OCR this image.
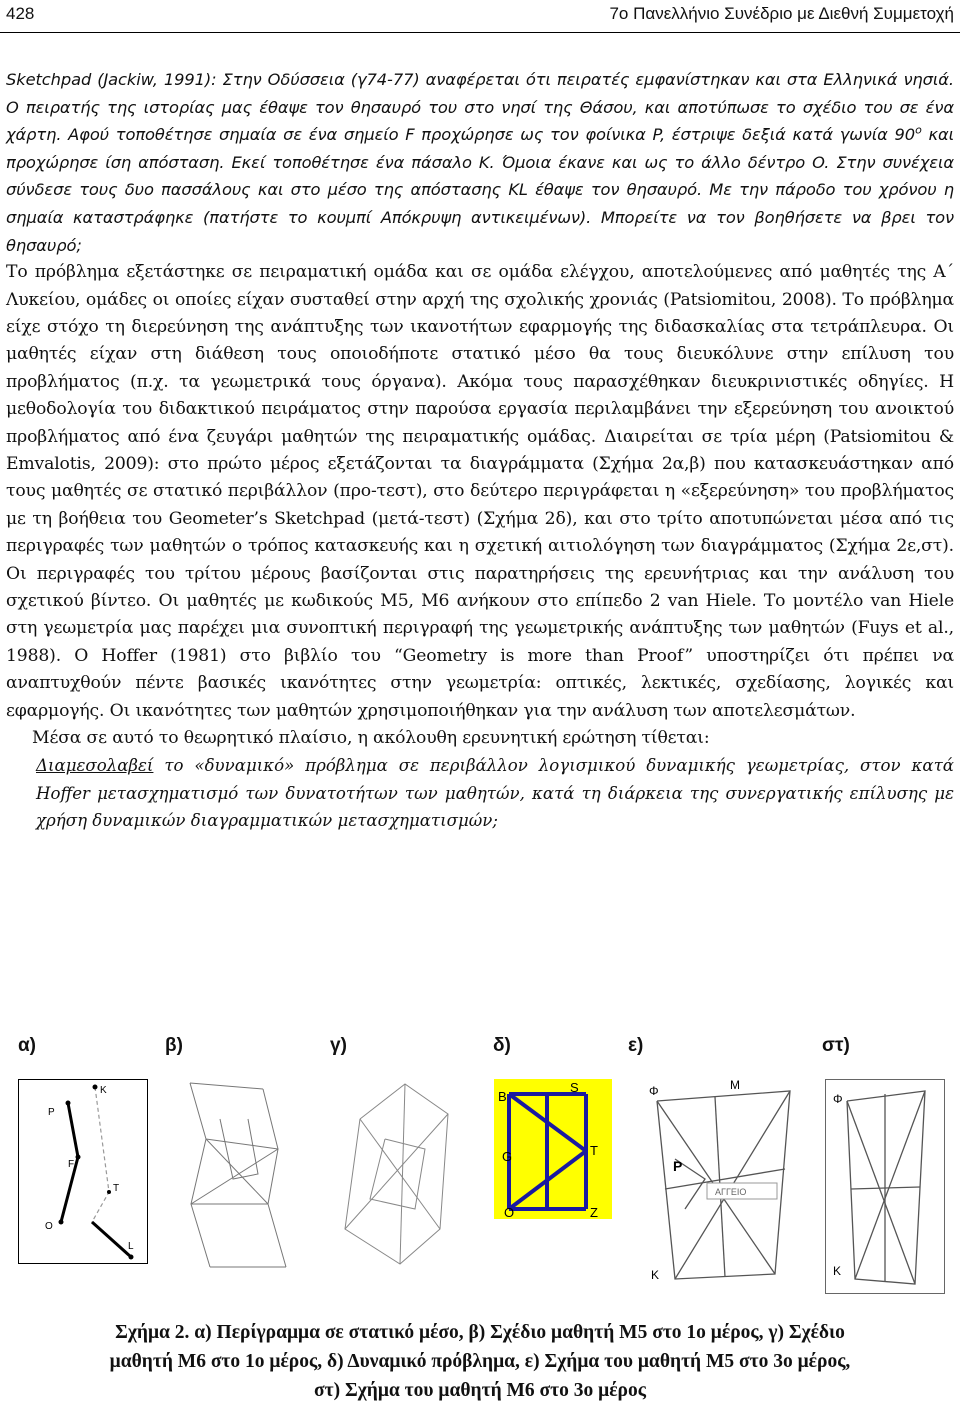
428	7ο Πανελλήνιο Συνέδριο με Διεθνή Συμμετοχή

Sketchpad (Jackiw, 1991): Στην Οδύσσεια (γ74-77) αναφέρεται ότι πειρατές εμφανίστηκαν και στα Ελληνικά νησιά. Ο πειρατής της ιστορίας μας έθαψε τον θησαυρό του στο νησί της Θάσου, και αποτύπωσε το σχέδιο του σε ένα χάρτη. Αφού τοποθέτησε σημαία σε ένα σημείο F προχώρησε ως τον φοίνικα P, έστριψε δεξιά κατά γωνία $90^o$ και προχώρησε ίση απόσταση. Εκεί τοποθέτησε ένα πάσαλο K. Όμοια έκανε και ως το άλλο δέντρο O. Στην συνέχεια σύνδεσε τους δυο πασσάλους και στο μέσο της απόστασης KL έθαψε τον θησαυρό. Με την πάροδο του χρόνου η σημαία καταστράφηκε (πατήστε το κουμπί Απόκρυψη αντικειμένων). Μπορείτε να τον βοηθήσετε να βρει τον θησαυρό;

Το πρόβλημα εξετάστηκε σε πειραματική ομάδα και σε ομάδα ελέγχου, αποτελούμενες από μαθητές της Α΄ Λυκείου, ομάδες οι οποίες είχαν συσταθεί στην αρχή της σχολικής χρονιάς (Patsiomitou, 2008). Το πρόβλημα είχε στόχο τη διερεύνηση της ανάπτυξης των ικανοτήτων εφαρμογής της διδασκαλίας στα τετράπλευρα. Οι μαθητές είχαν στη διάθεση τους οποιοδήποτε στατικό μέσο θα τους διευκόλυνε στην επίλυση του προβλήματος (π.χ. τα γεωμετρικά τους όργανα). Ακόμα τους παρασχέθηκαν διευκρινιστικές οδηγίες. Η μεθοδολογία του διδακτικού πειράματος στην παρούσα εργασία περιλαμβάνει την εξερεύνηση του ανοικτού προβλήματος από ένα ζευγάρι μαθητών της πειραματικής ομάδας. Διαιρείται σε τρία μέρη (Patsiomitou & Emvalotis, 2009): στο πρώτο μέρος εξετάζονται τα διαγράμματα (Σχήμα 2α,β) που κατασκευάστηκαν από τους μαθητές σε στατικό περιβάλλον (προ-τεστ), στο δεύτερο περιγράφεται η «εξερεύνηση» του προβλήματος με τη βοήθεια του Geometer’s Sketchpad (μετά-τεστ) (Σχήμα 2δ), και στο τρίτο αποτυπώνεται μέσα από τις περιγραφές των μαθητών ο τρόπος κατασκευής και η σχετική αιτιολόγηση των διαγράμματος (Σχήμα 2ε,στ). Οι περιγραφές του τρίτου μέρους βασίζονται στις παρατηρήσεις της ερευνήτριας και την ανάλυση του σχετικού βίντεο. Οι μαθητές με κωδικούς M5, M6 ανήκουν στο επίπεδο 2 van Hiele. Το μοντέλο van Hiele στη γεωμετρία μας παρέχει μια συνοπτική περιγραφή της γεωμετρικής ανάπτυξης των μαθητών (Fuys et al., 1988). O Hoffer (1981) στο βιβλίο του “Geometry is more than Proof” υποστηρίζει ότι πρέπει να αναπτυχθούν πέντε βασικές ικανότητες στην γεωμετρία: οπτικές, λεκτικές, σχεδίασης, λογικές και εφαρμογής. Οι ικανότητες των μαθητών χρησιμοποιήθηκαν για την ανάλυση των αποτελεσμάτων.

Μέσα σε αυτό το θεωρητικό πλαίσιο, η ακόλουθη ερευνητική ερώτηση τίθεται:

Διαμεσολαβεί το «δυναμικό» πρόβλημα σε περιβάλλον λογισμικού δυναμικής γεωμετρίας, στον κατά Hoffer μετασχηματισμό των δυνατοτήτων των μαθητών, κατά τη διάρκεια της συνεργατικής επίλυσης με χρήση δυναμικών διαγραμματικών μετασχηματισμών;

α)	β)	γ)	δ)	ε)	στ)
P
K
F
T
O
L
B
S
G	T
O	Z
ΑΓΓΕΙΟ
Φ	M
P
K
Φ
K
Σχήμα 2. α) Περίγραμμα σε στατικό μέσο, β) Σχέδιο μαθητή M5 στο 1ο μέρος, γ) Σχέδιο
μαθητή M6 στο 1ο μέρος, δ) Δυναμικό πρόβλημα, ε) Σχήμα του μαθητή M5 στο 3ο μέρος,
στ) Σχήμα του μαθητή M6 στο 3ο μέρος
